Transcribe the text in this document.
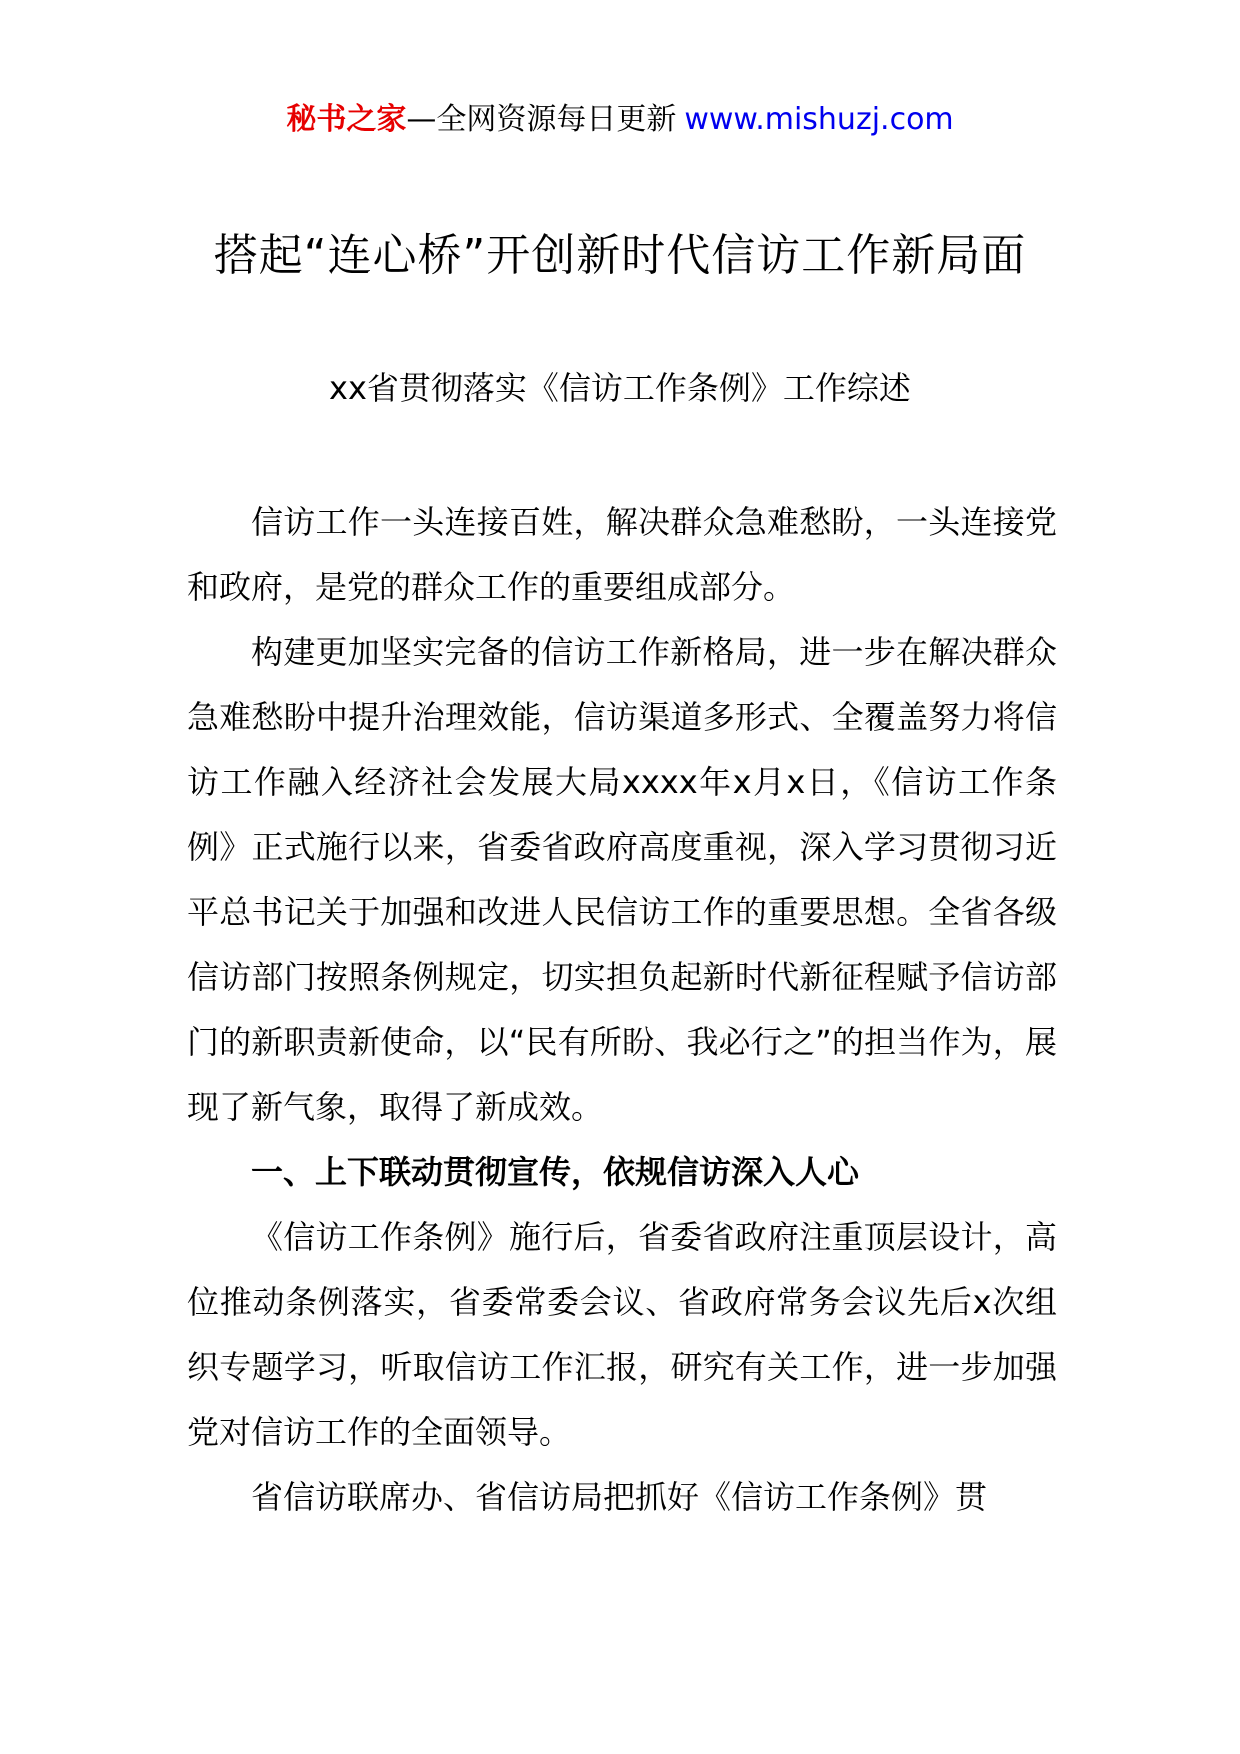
秘书之家—全网资源每日更新 www.mishuzj.com
搭起“连心桥”开创新时代信访工作新局面
xx省贯彻落实《信访工作条例》工作综述

信访工作一头连接百姓，解决群众急难愁盼，一头连接党和政府，是党的群众工作的重要组成部分。

构建更加坚实完备的信访工作新格局，进一步在解决群众急难愁盼中提升治理效能，信访渠道多形式、全覆盖努力将信访工作融入经济社会发展大局xxxx年x月x日，《信访工作条例》正式施行以来，省委省政府高度重视，深入学习贯彻习近平总书记关于加强和改进人民信访工作的重要思想。全省各级信访部门按照条例规定，切实担负起新时代新征程赋予信访部门的新职责新使命，以“民有所盼、我必行之”的担当作为，展现了新气象，取得了新成效。

一、上下联动贯彻宣传，依规信访深入人心

《信访工作条例》施行后，省委省政府注重顶层设计，高位推动条例落实，省委常委会议、省政府常务会议先后x次组织专题学习，听取信访工作汇报，研究有关工作，进一步加强党对信访工作的全面领导。

省信访联席办、省信访局把抓好《信访工作条例》贯
